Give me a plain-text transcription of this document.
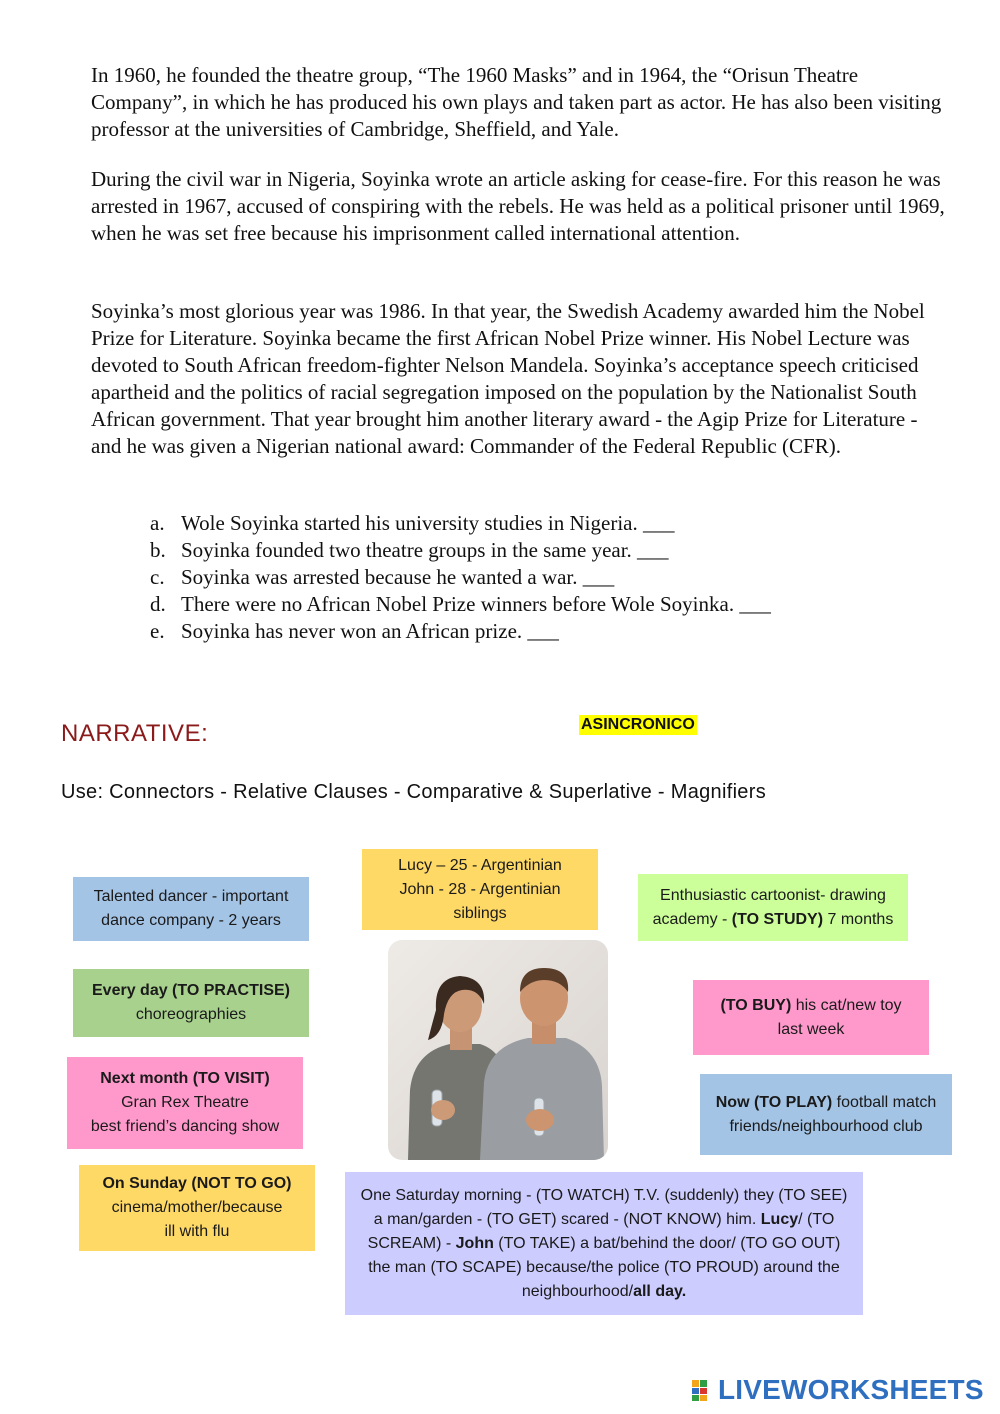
In 1960, he founded the theatre group, “The 1960 Masks” and in 1964, the “Orisun Theatre Company”, in which he has produced his own plays and taken part as actor. He has also been visiting professor at the universities of Cambridge, Sheffield, and Yale.

During the civil war in Nigeria, Soyinka wrote an article asking for cease-fire. For this reason he was arrested in 1967, accused of conspiring with the rebels. He was held as a political prisoner until 1969, when he was set free because his imprisonment called international attention.

Soyinka’s most glorious year was 1986. In that year, the Swedish Academy awarded him the Nobel Prize for Literature. Soyinka became the first African Nobel Prize winner. His Nobel Lecture was devoted to South African freedom-fighter Nelson Mandela. Soyinka’s acceptance speech criticised apartheid and the politics of racial segregation imposed on the population by the Nationalist South African government. That year brought him another literary award - the Agip Prize for Literature - and he was given a Nigerian national award: Commander of the Federal Republic (CFR).

a. Wole Soyinka started his university studies in Nigeria. ___
b. Soyinka founded two theatre groups in the same year. ___
c. Soyinka was arrested because he wanted a war. ___
d. There were no African Nobel Prize winners before Wole Soyinka. ___
e. Soyinka has never won an African prize. ___
NARRATIVE:	ASINCRONICO

Use: Connectors - Relative Clauses - Comparative & Superlative - Magnifiers

Lucy – 25 - Argentinian
John - 28 - Argentinian
siblings
Talented dancer - important
dance company - 2 years
Enthusiastic cartoonist- drawing
academy - (TO STUDY) 7 months
Every day (TO PRACTISE)
choreographies
(TO BUY) his cat/new toy
last week
Next month (TO VISIT)
Gran Rex Theatre
best friend’s dancing show
Now (TO PLAY) football match
friends/neighbourhood club
On Sunday (NOT TO GO)
cinema/mother/because
ill with flu
One Saturday morning - (TO WATCH) T.V. (suddenly) they (TO SEE)
a man/garden - (TO GET) scared - (NOT KNOW) him. Lucy/ (TO
SCREAM) - John (TO TAKE) a bat/behind the door/ (TO GO OUT)
the man (TO SCAPE) because/the police (TO PROUD) around the
neighbourhood/all day.
LIVEWORKSHEETS
